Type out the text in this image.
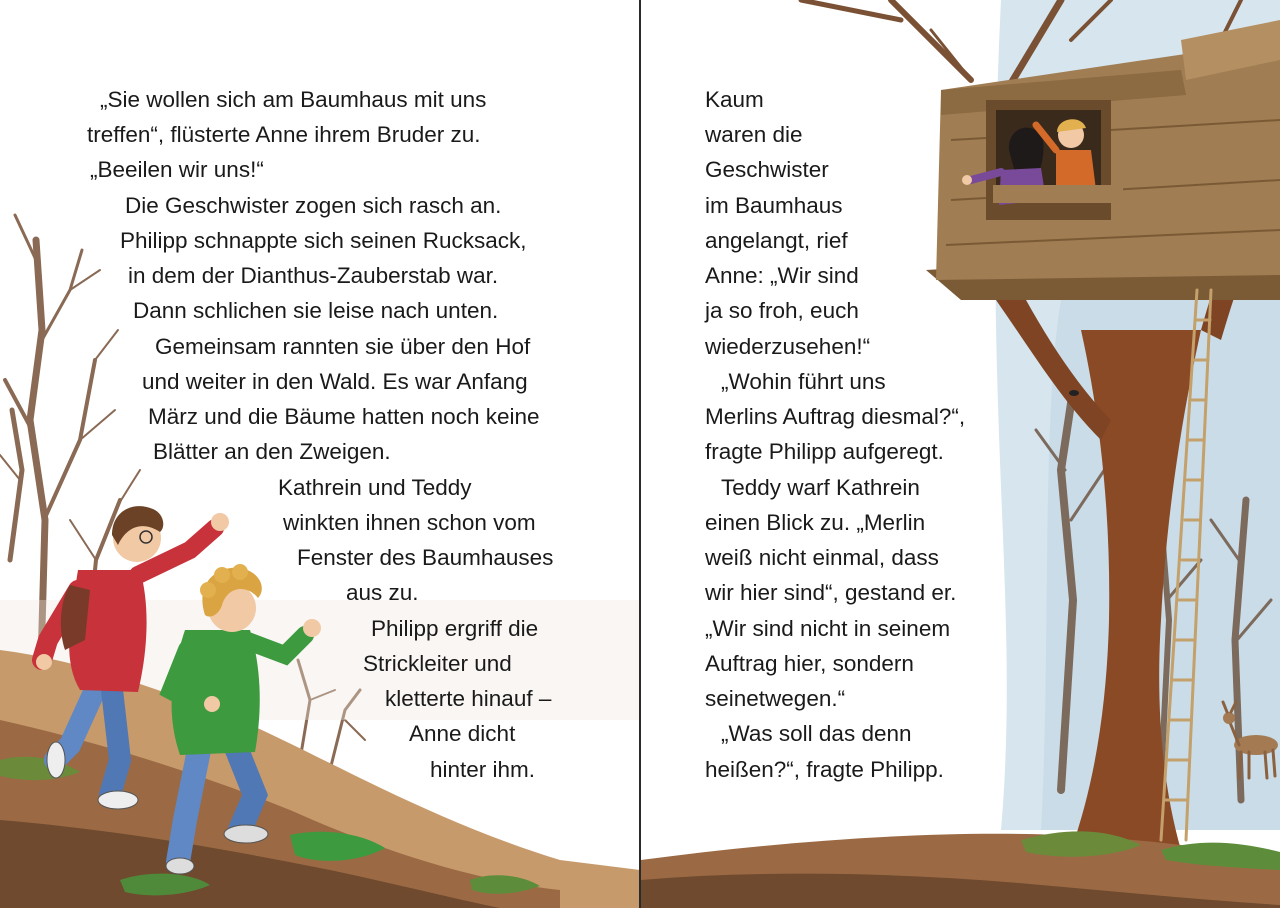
„Sie wollen sich am Baumhaus mit uns
treffen“, flüsterte Anne ihrem Bruder zu.
„Beeilen wir uns!“
Die Geschwister zogen sich rasch an.
Philipp schnappte sich seinen Rucksack,
in dem der Dianthus-Zauberstab war.
Dann schlichen sie leise nach unten.
Gemeinsam rannten sie über den Hof
und weiter in den Wald. Es war Anfang
März und die Bäume hatten noch keine
Blätter an den Zweigen.
Kathrein und Teddy
winkten ihnen schon vom
Fenster des Baumhauses
aus zu.
Philipp ergriff die
Strickleiter und
kletterte hinauf –
Anne dicht
hinter ihm.
Kaum
waren die
Geschwister
im Baumhaus
angelangt, rief
Anne: „Wir sind
ja so froh, euch
wiederzusehen!“
„Wohin führt uns
Merlins Auftrag diesmal?“,
fragte Philipp aufgeregt.
Teddy warf Kathrein
einen Blick zu. „Merlin
weiß nicht einmal, dass
wir hier sind“, gestand er.
„Wir sind nicht in seinem
Auftrag hier, sondern
seinetwegen.“
„Was soll das denn
heißen?“, fragte Philipp.
